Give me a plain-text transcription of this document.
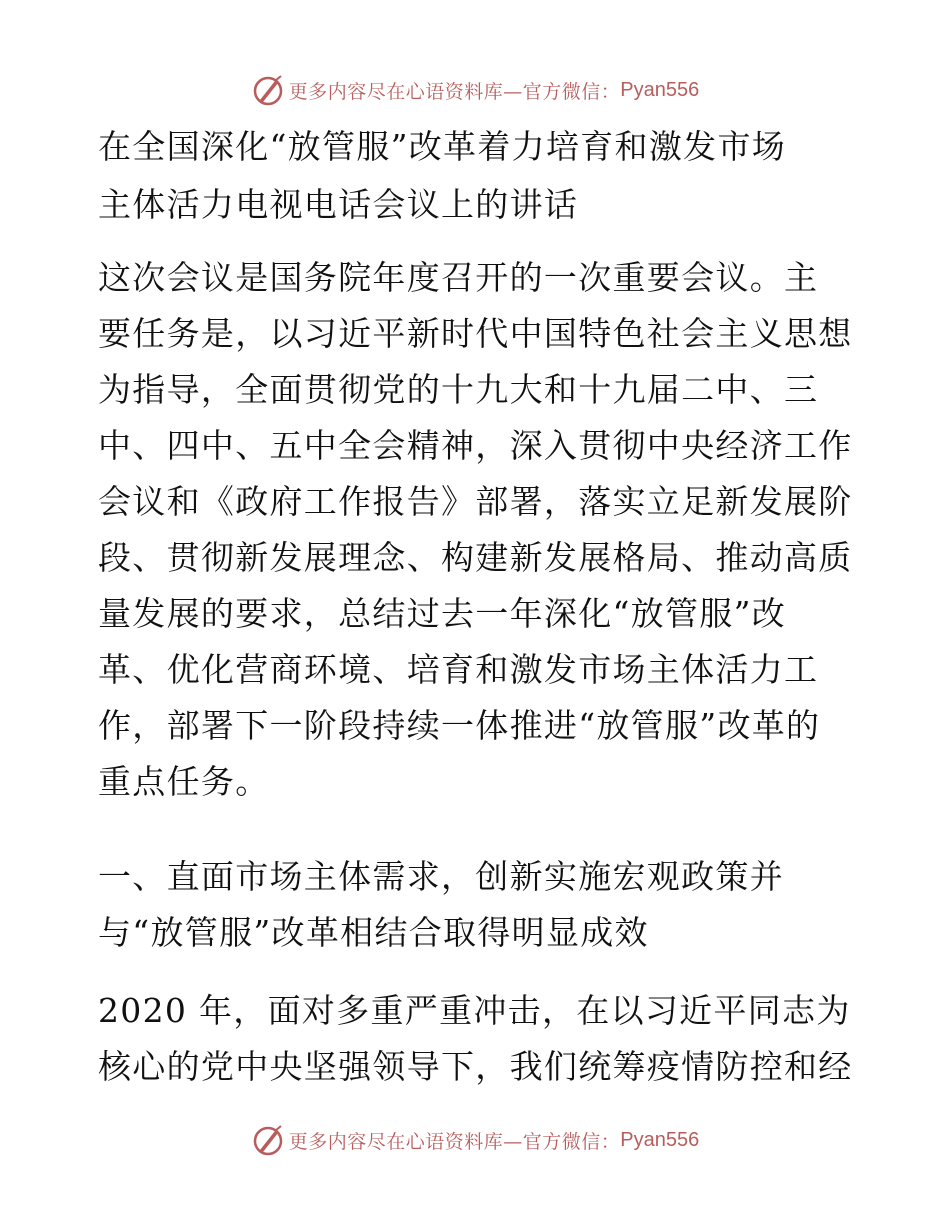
更多内容尽在心语资料库—官方微信： Pyan556
在全国深化“放管服”改革着力培育和激发市场
主体活力电视电话会议上的讲话
这次会议是国务院年度召开的一次重要会议。主
要任务是，以习近平新时代中国特色社会主义思想
为指导，全面贯彻党的十九大和十九届二中、三
中、四中、五中全会精神，深入贯彻中央经济工作
会议和《政府工作报告》部署，落实立足新发展阶
段、贯彻新发展理念、构建新发展格局、推动高质
量发展的要求，总结过去一年深化“放管服”改
革、优化营商环境、培育和激发市场主体活力工
作，部署下一阶段持续一体推进“放管服”改革的
重点任务。
一、直面市场主体需求，创新实施宏观政策并
与“放管服”改革相结合取得明显成效
2020 年，面对多重严重冲击，在以习近平同志为
核心的党中央坚强领导下，我们统筹疫情防控和经
更多内容尽在心语资料库—官方微信： Pyan556
